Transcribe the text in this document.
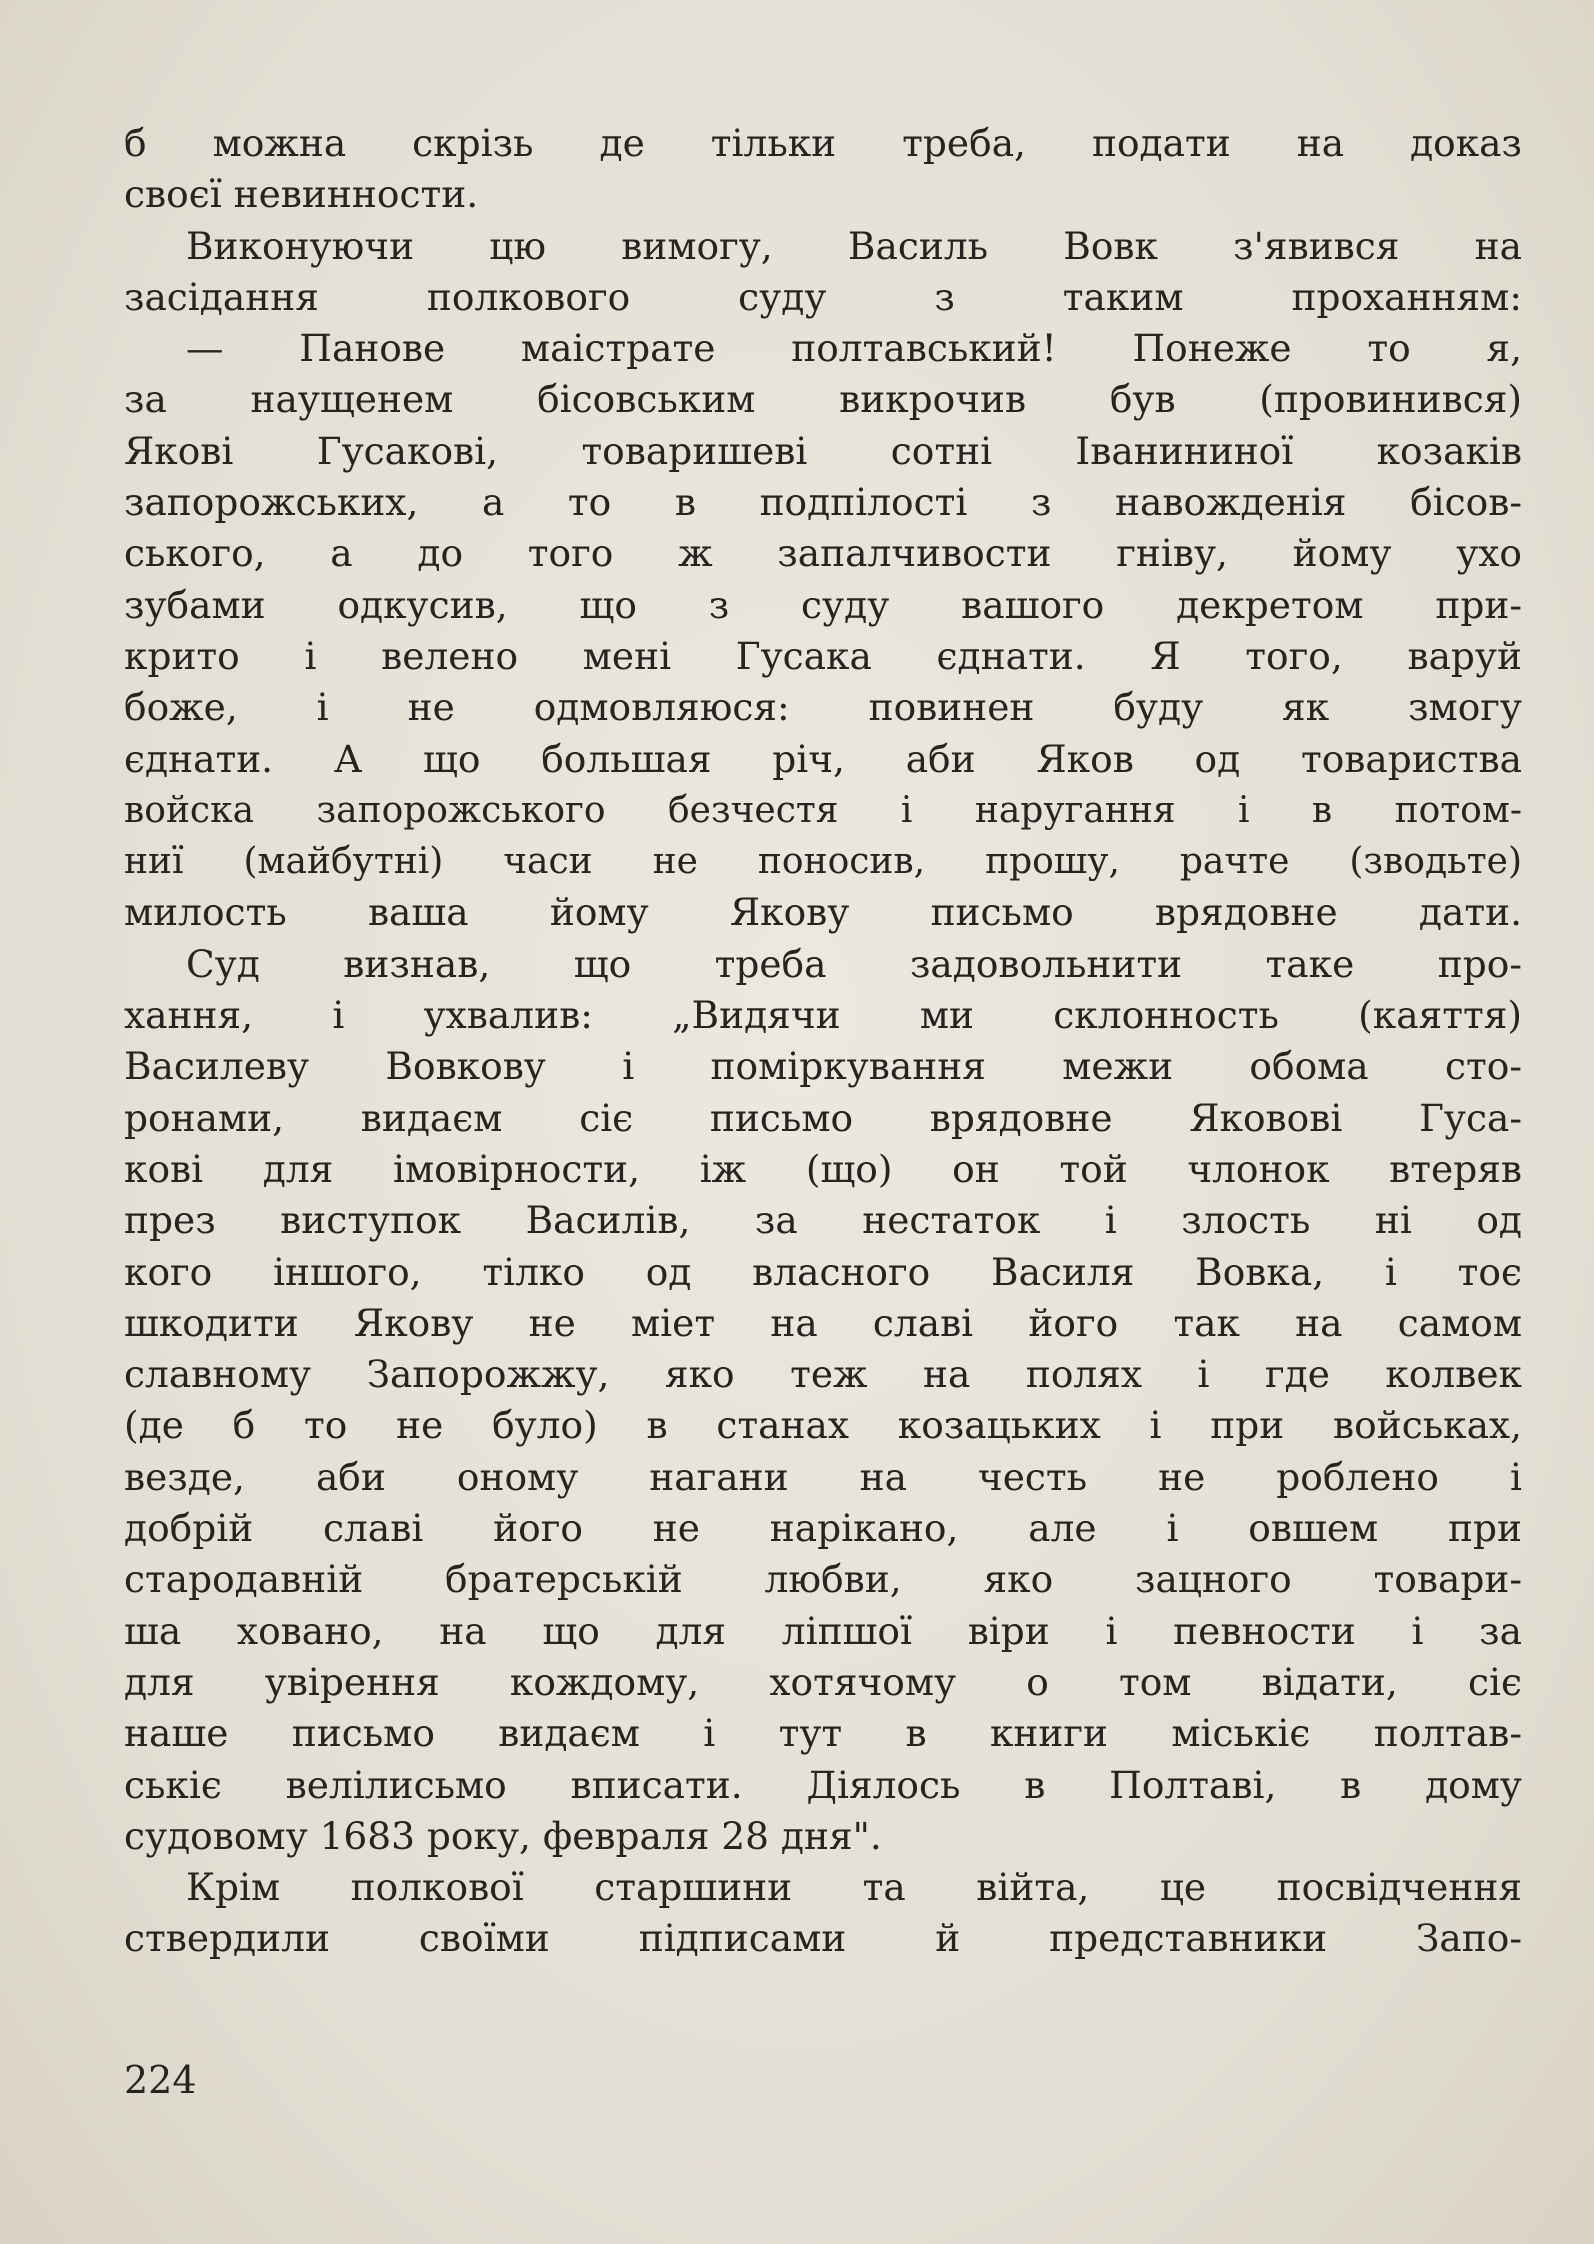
б можна скрізь де тільки треба, подати на доказ
своєї невинности.
Виконуючи цю вимогу, Василь Вовк з'явився на
засідання полкового суду з таким проханням:
— Панове маістрате полтавський! Понеже то я,
за наущенем бісовським викрочив був (провинився)
Якові Гусакові, товаришеві сотні Іванининої козаків
запорожських, а то в подпілості з навожденія бісов-
ського, а до того ж запалчивости гніву, йому ухо
зубами одкусив, що з суду вашого декретом при-
крито і велено мені Гусака єднати. Я того, варуй
боже, і не одмовляюся: повинен буду як змогу
єднати. А що большая річ, аби Яков од товариства
войска запорожського безчестя і наругання і в потом-
ниї (майбутні) часи не поносив, прошу, рачте (зводьте)
милость ваша йому Якову письмо врядовне дати.
Суд визнав, що треба задовольнити таке про-
хання, і ухвалив: „Видячи ми склонность (каяття)
Василеву Вовкову і поміркування межи обома сто-
ронами, видаєм сіє письмо врядовне Якововi Гуса-
кові для імовірности, іж (що) он той члонок втеряв
през виступок Василів, за нестаток і злость ні од
кого іншого, тілко од власного Василя Вовка, і тоє
шкодити Якову не міет на славі його так на самом
славному Запорожжу, яко теж на полях і где колвек
(де б то не було) в станах козацьких і при войськах,
везде, аби оному нагани на честь не роблено і
добрій славі його не нарікано, але і овшем при
стародавній братерській любви, яко зацного товари-
ша ховано, на що для ліпшої віри і певности і за
для увірення кождому, хотячому о том відати, сіє
наше письмо видаєм і тут в книги міськіє полтав-
ськіє велілисьмо вписати. Діялось в Полтаві, в дому
судовому 1683 року, февраля 28 дня".
Крім полкової старшини та війта, це посвідчення
ствердили своїми підписами й представники Запо-
224
